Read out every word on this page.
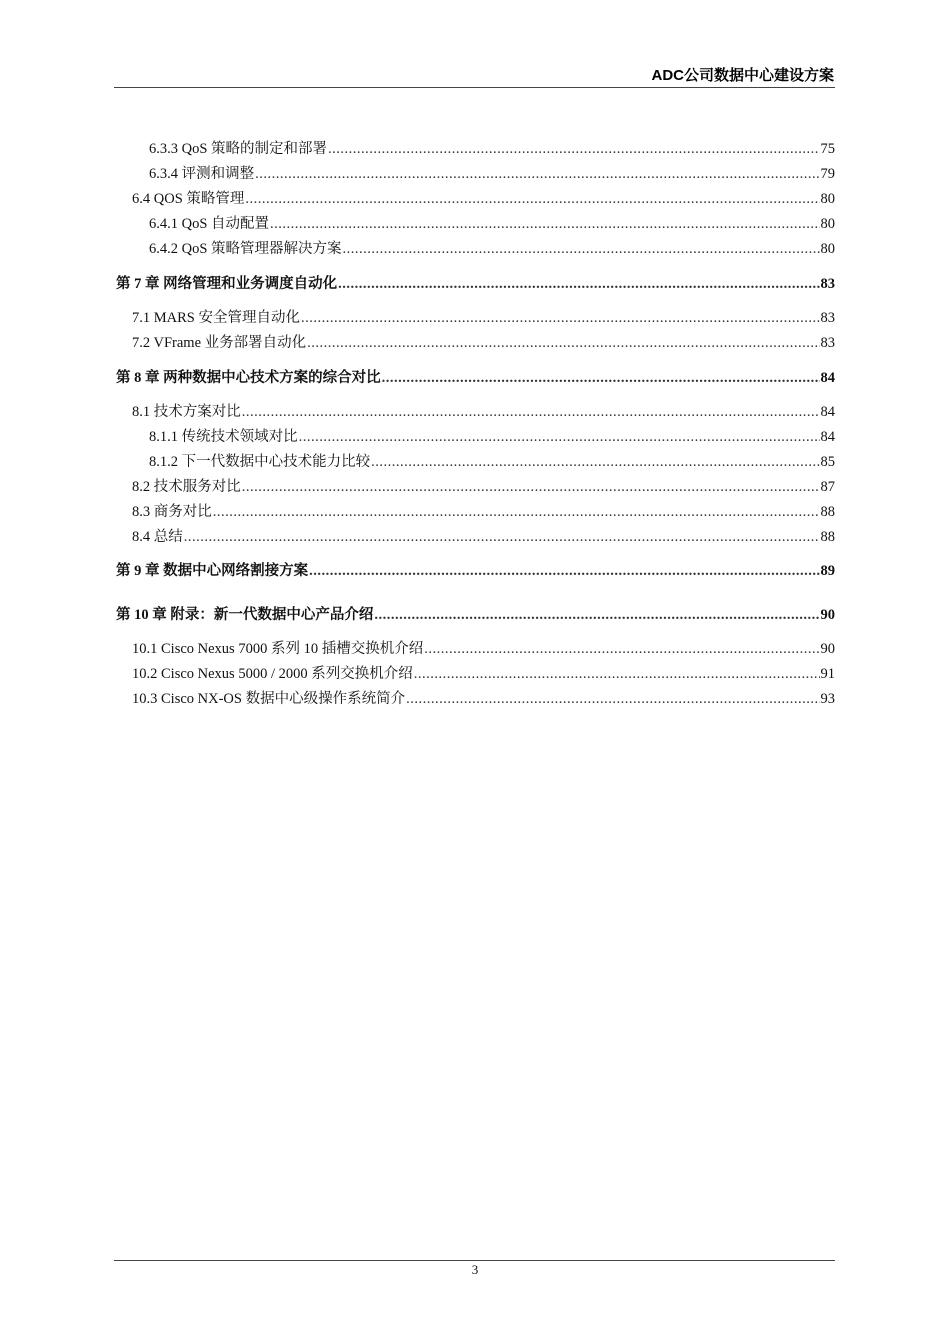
ADC公司数据中心建设方案
6.3.3 QoS 策略的制定和部署 .....	75
6.3.4 评测和调整 .....	79
6.4 QOS 策略管理 .....	80
6.4.1 QoS 自动配置 .....	80
6.4.2 QoS 策略管理器解决方案 .....	80
第 7 章 网络管理和业务调度自动化 .....	83
7.1 MARS 安全管理自动化 .....	83
7.2 VFrame 业务部署自动化 .....	83
第 8 章 两种数据中心技术方案的综合对比 .....	84
8.1 技术方案对比 .....	84
8.1.1 传统技术领域对比 .....	84
8.1.2 下一代数据中心技术能力比较 .....	85
8.2 技术服务对比 .....	87
8.3 商务对比 .....	88
8.4 总结 .....	88
第 9 章 数据中心网络割接方案 .....	89
第 10 章 附录：新一代数据中心产品介绍 .....	90
10.1 Cisco Nexus 7000 系列 10 插槽交换机介绍 .....	90
10.2 Cisco Nexus 5000 / 2000 系列交换机介绍 .....	91
10.3 Cisco NX-OS 数据中心级操作系统简介 .....	93
3
